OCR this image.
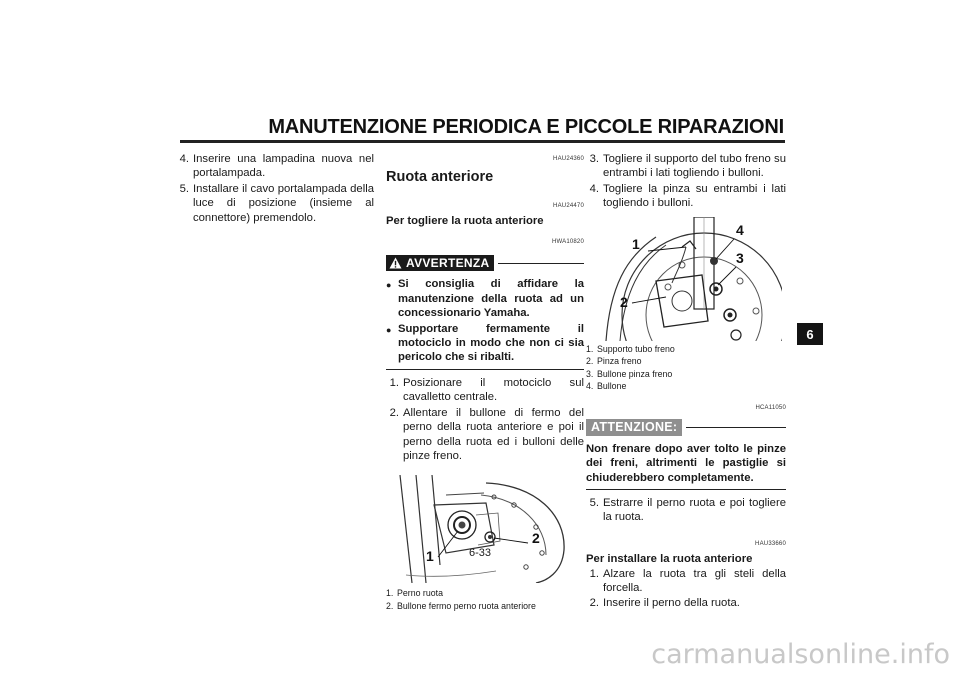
MANUTENZIONE PERIODICA E PICCOLE RIPARAZIONI
4. Inserire una lampadina nuova nel portalampada.
5. Installare il cavo portalampada della luce di posizione (insieme al connettore) premendolo.
HAU24360
Ruota anteriore
HAU24470
Per togliere la ruota anteriore
HWA10820
AVVERTENZA
● Si consiglia di affidare la manutenzione della ruota ad un concessionario Yamaha.
● Supportare fermamente il motociclo in modo che non ci sia pericolo che si ribalti.
1. Posizionare il motociclo sul cavalletto centrale.
2. Allentare il bullone di fermo del perno della ruota anteriore e poi il perno della ruota ed i bulloni delle pinze freno.
1
2
1. Perno ruota
2. Bullone fermo perno ruota anteriore
3. Togliere il supporto del tubo freno su entrambi i lati togliendo i bulloni.
4. Togliere la pinza su entrambi i lati togliendo i bulloni.
1
2
3
4
1. Supporto tubo freno
2. Pinza freno
3. Bullone pinza freno
4. Bullone
HCA11050
ATTENZIONE:
Non frenare dopo aver tolto le pinze dei freni, altrimenti le pastiglie si chiuderebbero completamente.
5. Estrarre il perno ruota e poi togliere la ruota.
HAU33660
Per installare la ruota anteriore
1. Alzare la ruota tra gli steli della forcella.
2. Inserire il perno della ruota.
6
6-33
carmanualsonline.info
